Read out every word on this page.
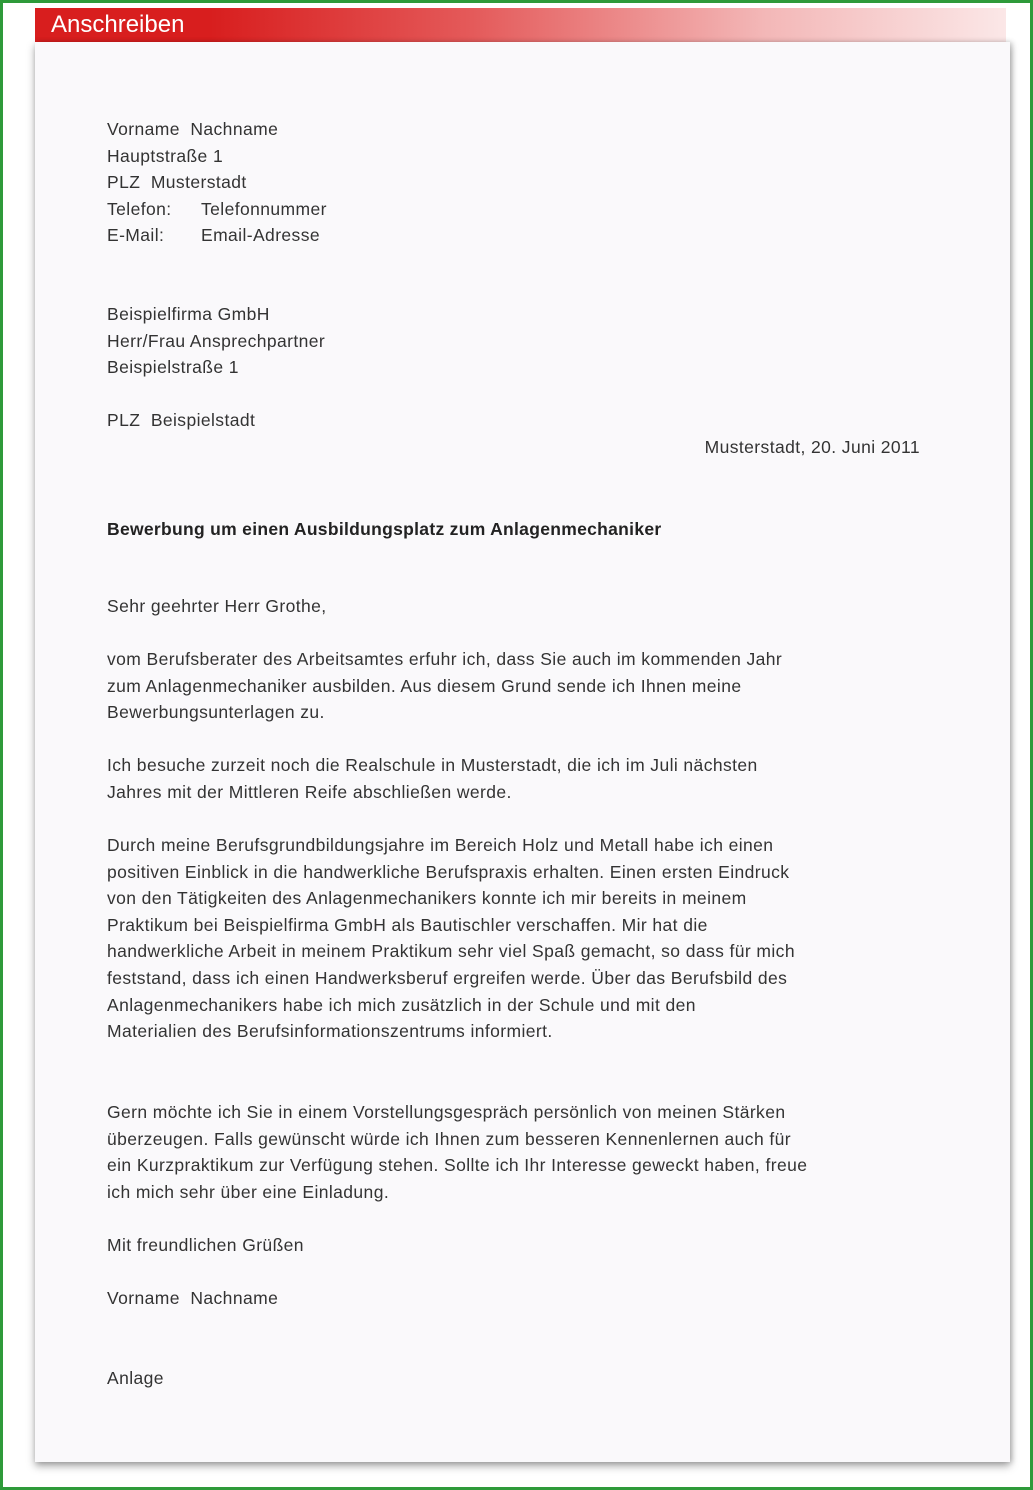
Anschreiben
Vorname  Nachname
Hauptstraße 1
PLZ  Musterstadt
Telefon: Telefonnummer
E-Mail: Email-Adresse
Beispielfirma GmbH
Herr/Frau Ansprechpartner
Beispielstraße 1
PLZ  Beispielstadt
Musterstadt, 20. Juni 2011
Bewerbung um einen Ausbildungsplatz zum Anlagenmechaniker
Sehr geehrter Herr Grothe,
vom Berufsberater des Arbeitsamtes erfuhr ich, dass Sie auch im kommenden Jahr
zum Anlagenmechaniker ausbilden. Aus diesem Grund sende ich Ihnen meine
Bewerbungsunterlagen zu.
Ich besuche zurzeit noch die Realschule in Musterstadt, die ich im Juli nächsten
Jahres mit der Mittleren Reife abschließen werde.
Durch meine Berufsgrundbildungsjahre im Bereich Holz und Metall habe ich einen
positiven Einblick in die handwerkliche Berufspraxis erhalten. Einen ersten Eindruck
von den Tätigkeiten des Anlagenmechanikers konnte ich mir bereits in meinem
Praktikum bei Beispielfirma GmbH als Bautischler verschaffen. Mir hat die
handwerkliche Arbeit in meinem Praktikum sehr viel Spaß gemacht, so dass für mich
feststand, dass ich einen Handwerksberuf ergreifen werde. Über das Berufsbild des
Anlagenmechanikers habe ich mich zusätzlich in der Schule und mit den
Materialien des Berufsinformationszentrums informiert.
Gern möchte ich Sie in einem Vorstellungsgespräch persönlich von meinen Stärken
überzeugen. Falls gewünscht würde ich Ihnen zum besseren Kennenlernen auch für
ein Kurzpraktikum zur Verfügung stehen. Sollte ich Ihr Interesse geweckt haben, freue
ich mich sehr über eine Einladung.
Mit freundlichen Grüßen
Vorname  Nachname
Anlage
